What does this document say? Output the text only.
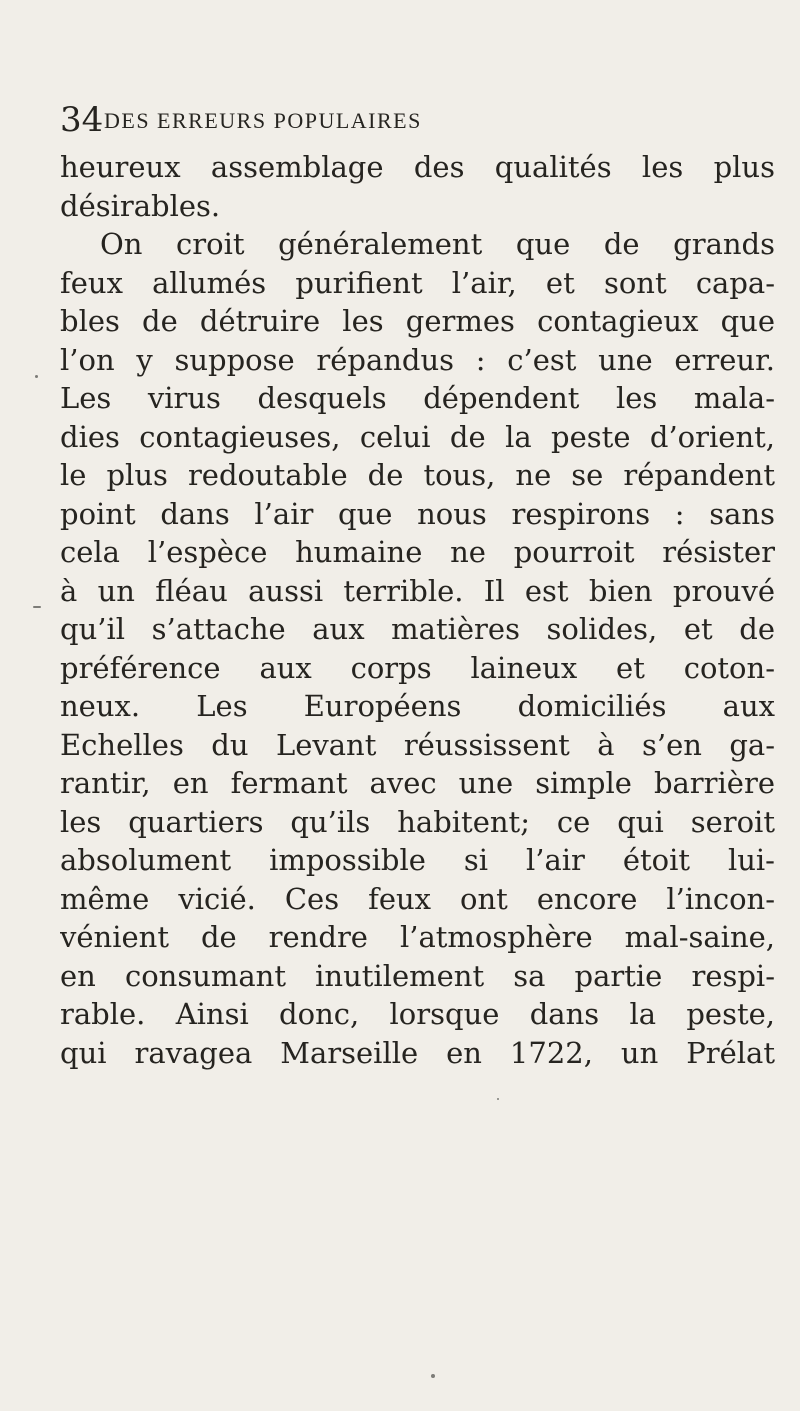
34 DES ERREURS POPULAIRES
heureux assemblage des qualités les plus
désirables.
On croit généralement que de grands
feux allumés purifient l’air, et sont capa-
bles de détruire les germes contagieux que
l’on y suppose répandus : c’est une erreur.
Les virus desquels dépendent les mala-
dies contagieuses, celui de la peste d’orient,
le plus redoutable de tous, ne se répandent
point dans l’air que nous respirons : sans
cela l’espèce humaine ne pourroit résister
à un fléau aussi terrible. Il est bien prouvé
qu’il s’attache aux matières solides, et de
préférence aux corps laineux et coton-
neux. Les Européens domiciliés aux
Echelles du Levant réussissent à s’en ga-
rantir, en fermant avec une simple barrière
les quartiers qu’ils habitent; ce qui seroit
absolument impossible si l’air étoit lui-
même vicié. Ces feux ont encore l’incon-
vénient de rendre l’atmosphère mal-saine,
en consumant inutilement sa partie respi-
rable. Ainsi donc, lorsque dans la peste,
qui ravagea Marseille en 1722, un Prélat
